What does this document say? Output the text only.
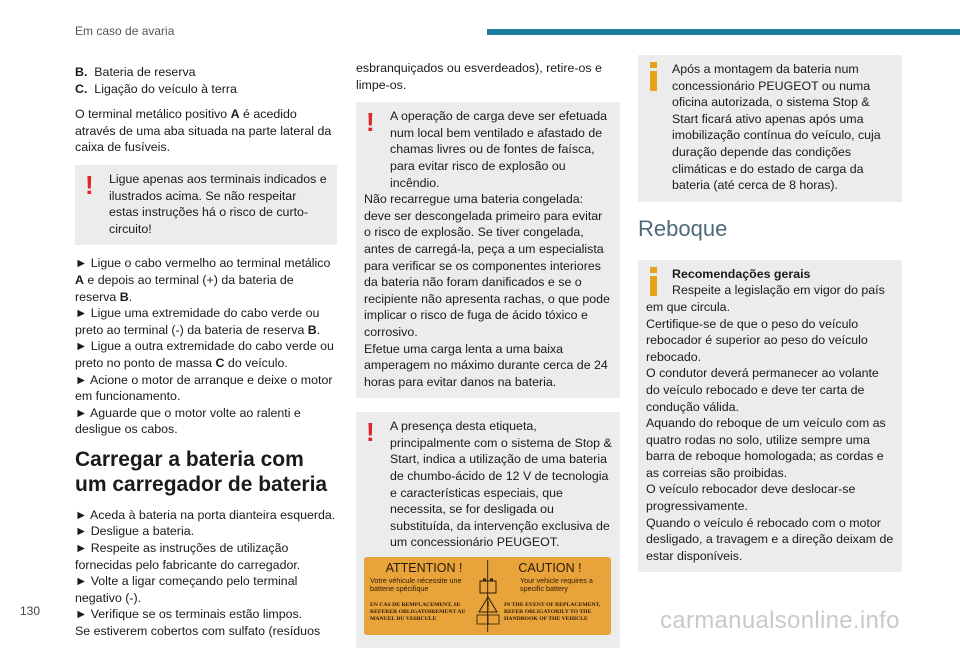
Em caso de avaria
B. Bateria de reserva

C. Ligação do veículo à terra

O terminal metálico positivo A é acedido através de uma aba situada na parte lateral da caixa de fusíveis.

!	Ligue apenas aos terminais indicados e ilustrados acima. Se não respeitar estas instruções há o risco de curto-circuito!
► Ligue o cabo vermelho ao terminal metálico A e depois ao terminal (+) da bateria de reserva B.
► Ligue uma extremidade do cabo verde ou preto ao terminal (-) da bateria de reserva B.
► Ligue a outra extremidade do cabo verde ou preto no ponto de massa C do veículo.
► Acione o motor de arranque e deixe o motor em funcionamento.

► Aguarde que o motor volte ao ralenti e desligue os cabos.

Carregar a bateria com um carregador de bateria
► Aceda à bateria na porta dianteira esquerda.
► Desligue a bateria.
► Respeite as instruções de utilização fornecidas pelo fabricante do carregador.
► Volte a ligar começando pelo terminal negativo (-).
► Verifique se os terminais estão limpos.
Se estiverem cobertos com sulfato (resíduos

esbranquiçados ou esverdeados), retire-os e limpe-os.

!	A operação de carga deve ser efetuada num local bem ventilado e afastado de chamas livres ou de fontes de faísca, para evitar risco de explosão ou incêndio.
Não recarregue uma bateria congelada: deve ser descongelada primeiro para evitar o risco de explosão. Se tiver congelada, antes de carregá-la, peça a um especialista para verificar se os componentes interiores da bateria não foram danificados e se o recipiente não apresenta rachas, o que pode implicar o risco de fuga de ácido tóxico e corrosivo.
Efetue uma carga lenta a uma baixa amperagem no máximo durante cerca de 24 horas para evitar danos na bateria.
!	A presença desta etiqueta, principalmente com o sistema de Stop & Start, indica a utilização de uma bateria de chumbo-ácido de 12 V de tecnologia e características especiais, que necessita, se for desligada ou substituída, da intervenção exclusiva de um concessionário PEUGEOT.
ATTENTION !	CAUTION !
Votre véhicule nécessite une batterie spécifique
Your vehicle requires a specific battery
EN CAS DE REMPLACEMENT, SE REFERER OBLIGATOIREMENT AU MANUEL DU VEHICULE
IN THE EVENT OF REPLACEMENT, REFER OBLIGATORILY TO THE HANDBOOK OF THE VEHICLE
Após a montagem da bateria num concessionário PEUGEOT ou numa oficina autorizada, o sistema Stop & Start ficará ativo apenas após uma imobilização contínua do veículo, cuja duração depende das condições climáticas e do estado de carga da bateria (até cerca de 8 horas).
Reboque
Recomendações gerais
Respeite a legislação em vigor do país em que circula.
Certifique-se de que o peso do veículo rebocador é superior ao peso do veículo rebocado.
O condutor deverá permanecer ao volante do veículo rebocado e deve ter carta de condução válida.
Aquando do reboque de um veículo com as quatro rodas no solo, utilize sempre uma barra de reboque homologada; as cordas e as correias são proibidas.
O veículo rebocador deve deslocar-se progressivamente.
Quando o veículo é rebocado com o motor desligado, a travagem e a direção deixam de estar disponíveis.
130	carmanualsonline.info
